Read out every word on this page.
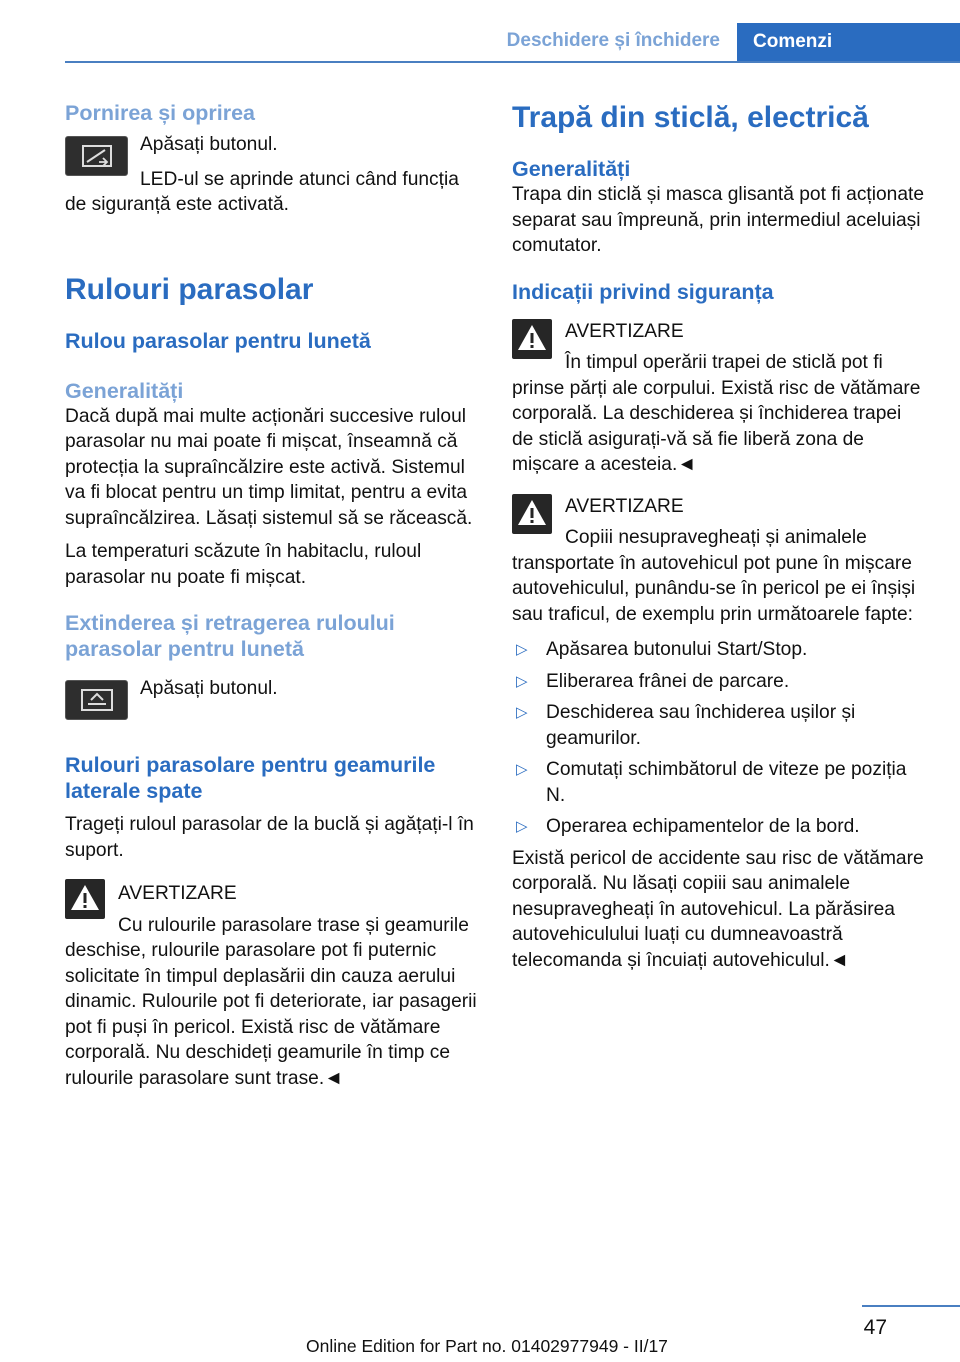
Deschidere și închidere	Comenzi
Pornirea și oprirea

Apăsați butonul.

LED-ul se aprinde atunci când funcția de siguranță este activată.

Rulouri parasolar
Rulou parasolar pentru lunetă
Generalități

Dacă după mai multe acționări succesive ruloul parasolar nu mai poate fi mișcat, înseamnă că protecția la supraîncălzire este activă. Sistemul va fi blocat pentru un timp limitat, pentru a evita supraîncălzirea. Lăsați sistemul să se răcească.

La temperaturi scăzute în habitaclu, ruloul parasolar nu poate fi mișcat.

Extinderea și retragerea ruloului parasolar pentru lunetă

Apăsați butonul.

Rulouri parasolare pentru geamurile laterale spate

Trageți ruloul parasolar de la buclă și agățați-l în suport.

AVERTIZARE

Cu rulourile parasolare trase și geamurile deschise, rulourile parasolare pot fi puternic solicitate în timpul deplasării din cauza aerului dinamic. Rulourile pot fi deteriorate, iar pasagerii pot fi puși în pericol. Există risc de vătămare corporală. Nu deschideți geamurile în timp ce rulourile parasolare sunt trase.◄

Trapă din sticlă, electrică
Generalități

Trapa din sticlă și masca glisantă pot fi acționate separat sau împreună, prin intermediul aceluiași comutator.

Indicații privind siguranța

AVERTIZARE

În timpul operării trapei de sticlă pot fi prinse părți ale corpului. Există risc de vătămare corporală. La deschiderea și închiderea trapei de sticlă asigurați-vă să fie liberă zona de mișcare a acesteia.◄

AVERTIZARE

Copiii nesupravegheați și animalele transportate în autovehicul pot pune în mișcare autovehiculul, punându-se în pericol pe ei înșiși sau traficul, de exemplu prin următoarele fapte:

▷ Apăsarea butonului Start/Stop.
▷ Eliberarea frânei de parcare.
▷ Deschiderea sau închiderea ușilor și geamurilor.
▷ Comutați schimbătorul de viteze pe poziția N.
▷ Operarea echipamentelor de la bord.

Există pericol de accidente sau risc de vătămare corporală. Nu lăsați copiii sau animalele nesupravegheați în autovehicul. La părăsirea autovehiculului luați cu dumneavoastră telecomanda și încuiați autovehiculul.◄

47
Online Edition for Part no. 01402977949 - II/17
